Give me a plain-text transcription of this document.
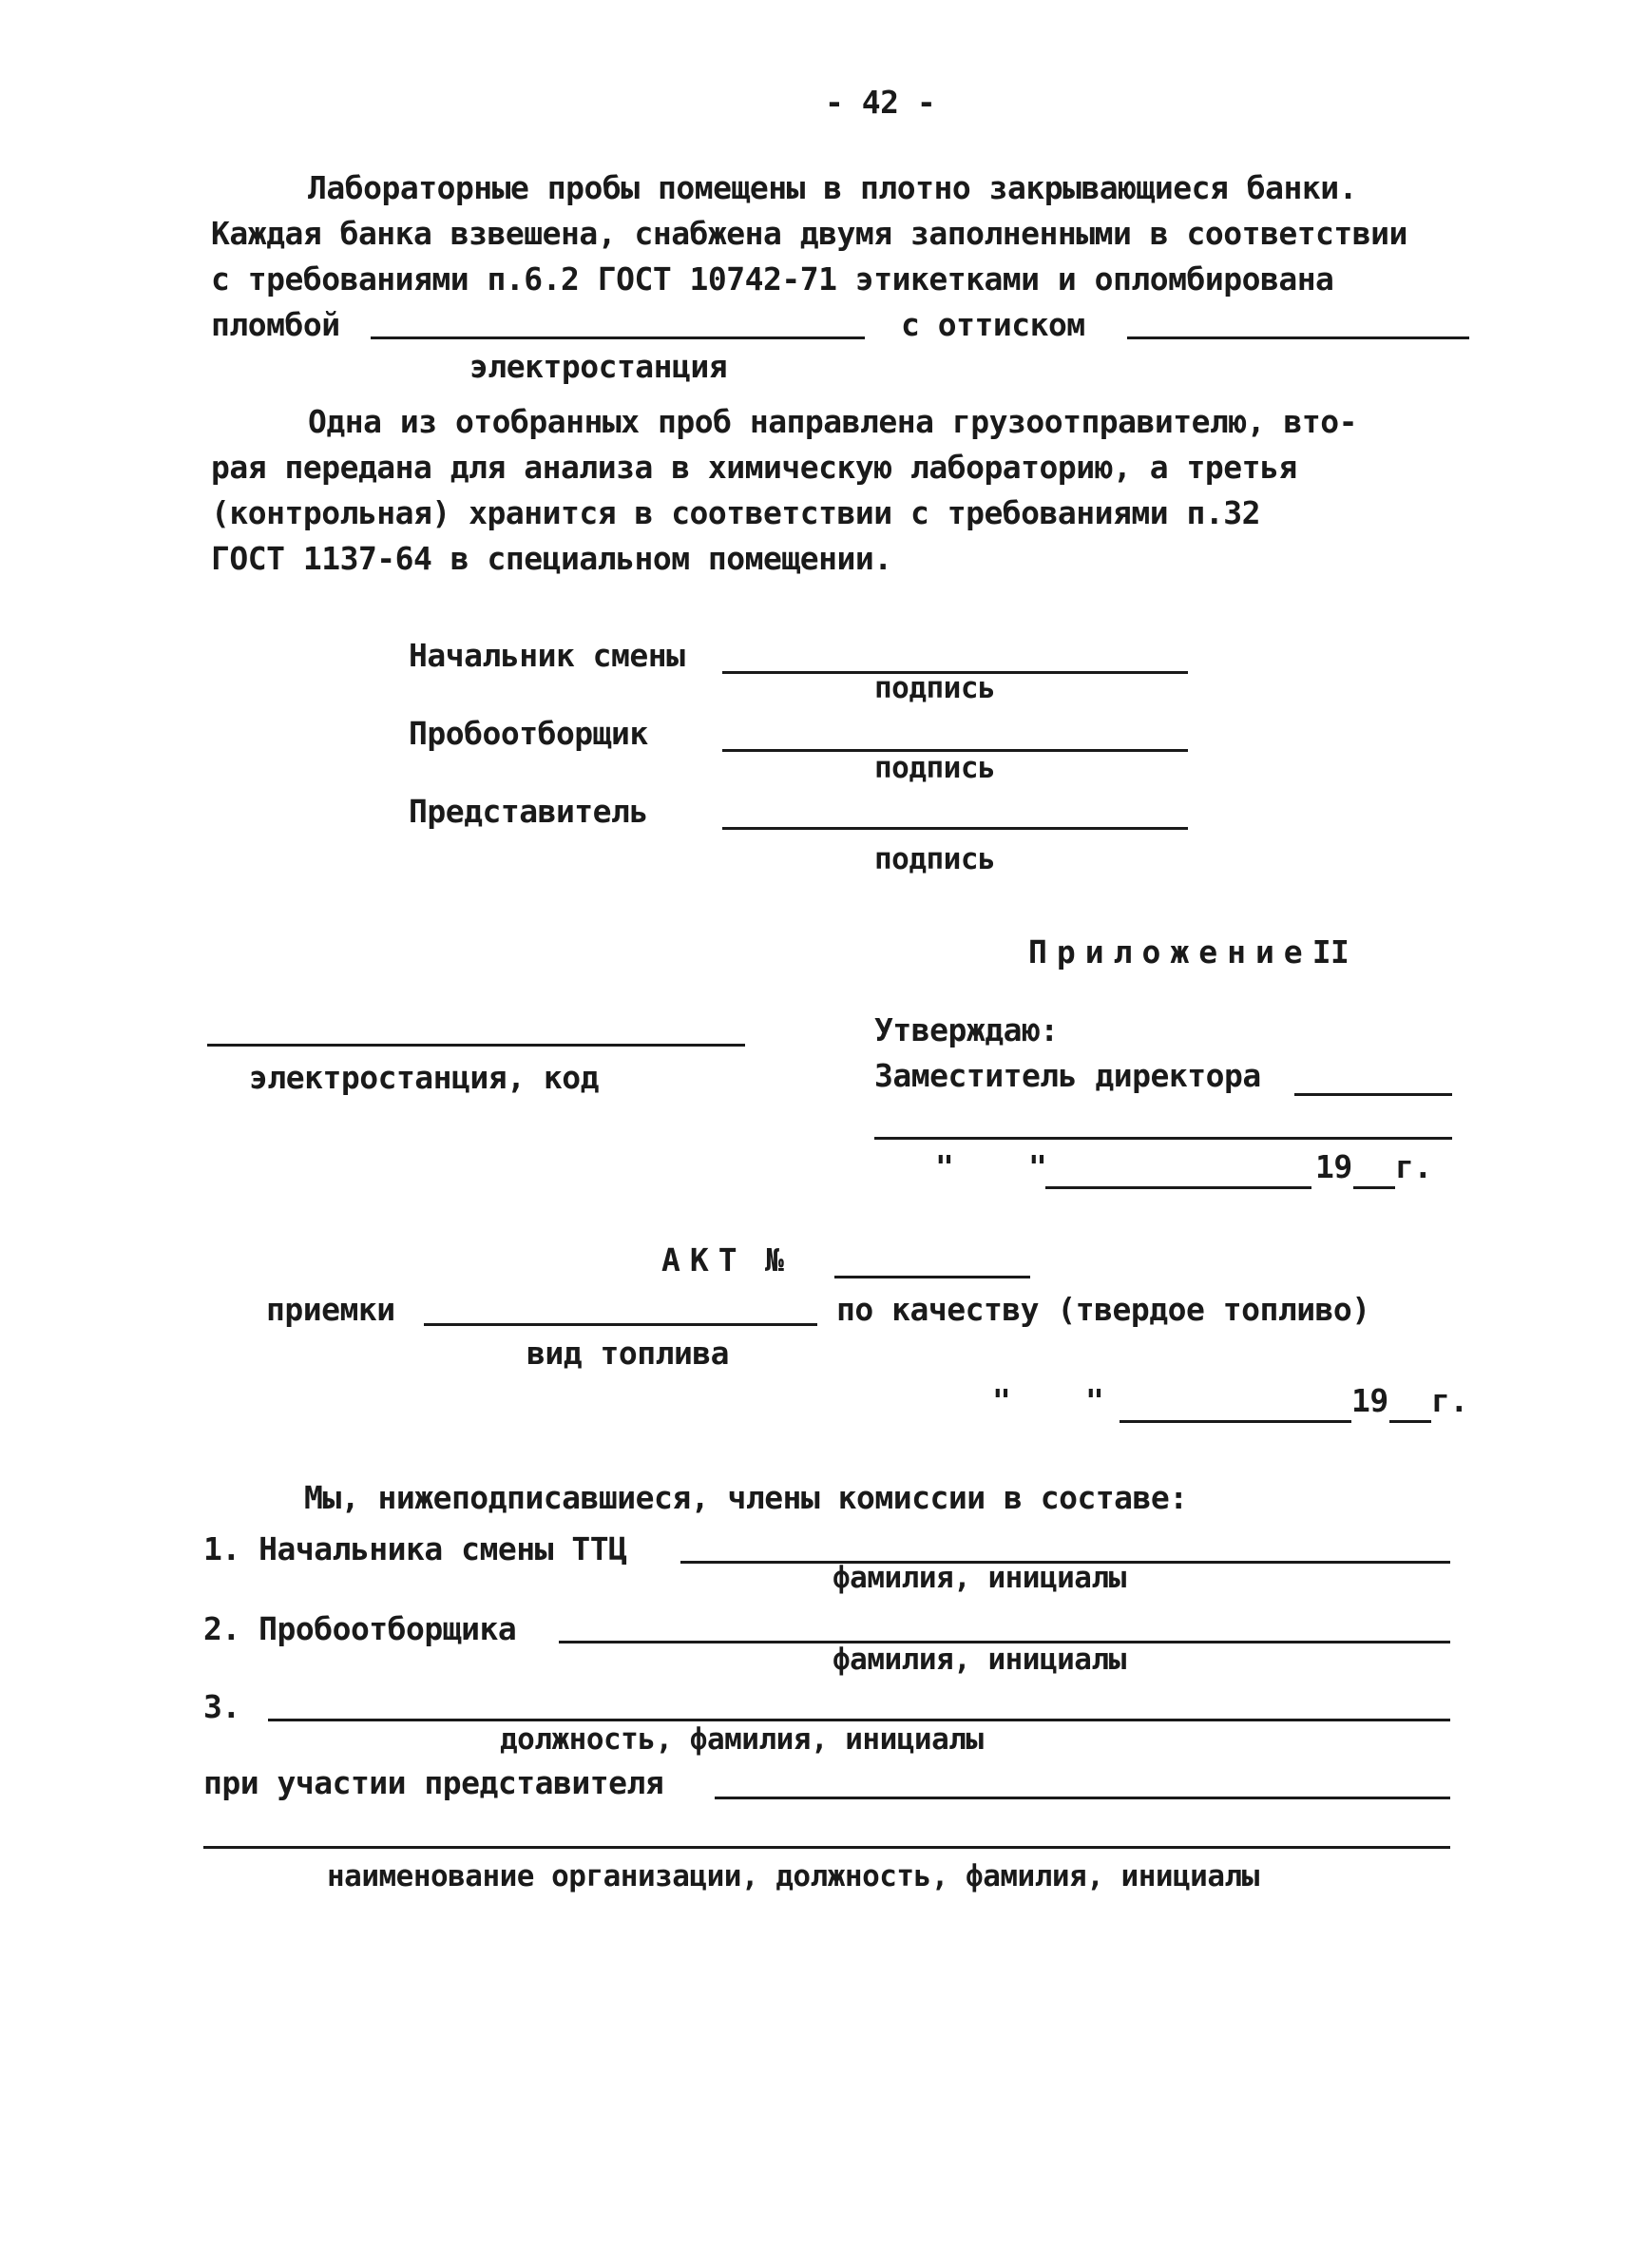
- 42 -
Лабораторные пробы помещены в плотно закрывающиеся банки.
Каждая банка взвешена, снабжена двумя заполненными в соответствии
с требованиями п.6.2 ГОСТ 10742-71 этикетками и опломбирована
пломбой	с оттиском
электростанция
Одна из отобранных проб направлена грузоотправителю, вто-
рая передана для анализа в химическую лабораторию, а третья
(контрольная) хранится в соответствии с требованиями п.32
ГОСТ 1137-64 в специальном помещении.
Начальник смены
подпись
Пробоотборщик
подпись
Представитель
подпись
ПриложениеII
электростанция, код
Утверждаю:
Заместитель директора
" "	19 г.
АКТ №
приемки	по качеству (твердое топливо)
вид топлива
" "	19 г.
Мы, нижеподписавшиеся, члены комиссии в составе:
1. Начальника смены ТТЦ
фамилия, инициалы
2. Пробоотборщика
фамилия, инициалы
3.
должность, фамилия, инициалы
при участии представителя
наименование организации, должность, фамилия, инициалы
